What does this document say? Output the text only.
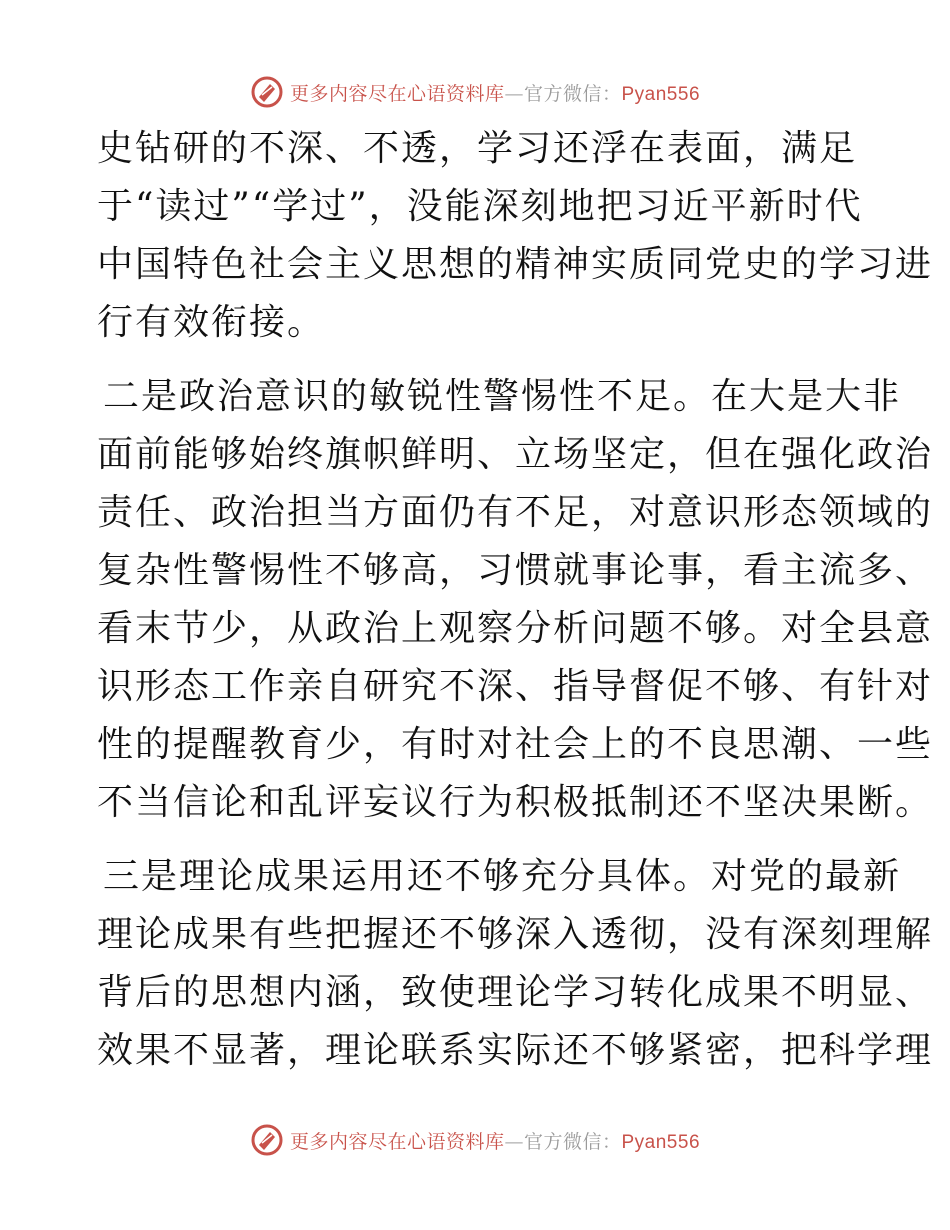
更多内容尽在心语资料库—官方微信：Pyan556
史钻研的不深、不透，学习还浮在表面，满足
于“读过”“学过”，没能深刻地把习近平新时代
中国特色社会主义思想的精神实质同党史的学习进
行有效衔接。
二是政治意识的敏锐性警惕性不足。在大是大非
面前能够始终旗帜鲜明、立场坚定，但在强化政治
责任、政治担当方面仍有不足，对意识形态领域的
复杂性警惕性不够高，习惯就事论事，看主流多、
看末节少，从政治上观察分析问题不够。对全县意
识形态工作亲自研究不深、指导督促不够、有针对
性的提醒教育少，有时对社会上的不良思潮、一些
不当信论和乱评妄议行为积极抵制还不坚决果断。
三是理论成果运用还不够充分具体。对党的最新
理论成果有些把握还不够深入透彻，没有深刻理解
背后的思想内涵，致使理论学习转化成果不明显、
效果不显著，理论联系实际还不够紧密，把科学理
更多内容尽在心语资料库—官方微信：Pyan556
